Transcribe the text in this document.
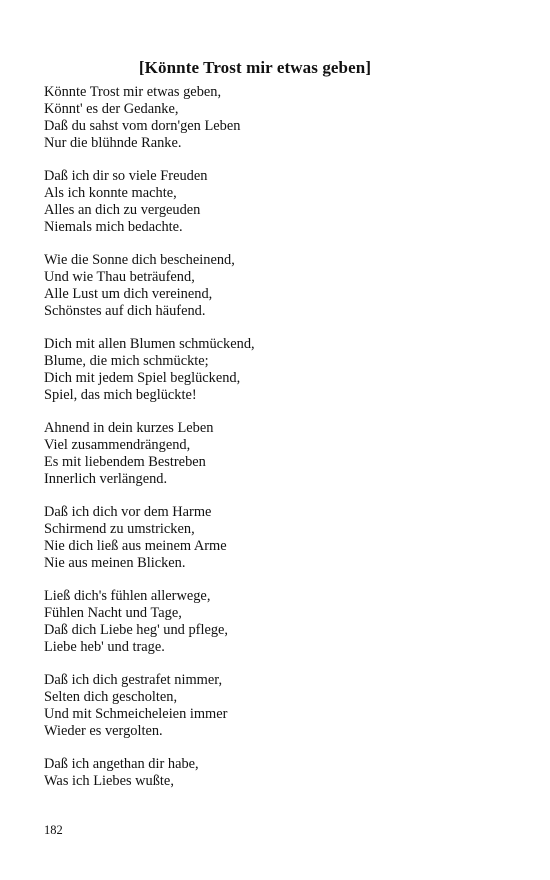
[Könnte Trost mir etwas geben]
Könnte Trost mir etwas geben,
Könnt' es der Gedanke,
Daß du sahst vom dorn'gen Leben
Nur die blühnde Ranke.
Daß ich dir so viele Freuden
Als ich konnte machte,
Alles an dich zu vergeuden
Niemals mich bedachte.
Wie die Sonne dich bescheinend,
Und wie Thau beträufend,
Alle Lust um dich vereinend,
Schönstes auf dich häufend.
Dich mit allen Blumen schmückend,
Blume, die mich schmückte;
Dich mit jedem Spiel beglückend,
Spiel, das mich beglückte!
Ahnend in dein kurzes Leben
Viel zusammendrängend,
Es mit liebendem Bestreben
Innerlich verlängend.
Daß ich dich vor dem Harme
Schirmend zu umstricken,
Nie dich ließ aus meinem Arme
Nie aus meinen Blicken.
Ließ dich's fühlen allerwege,
Fühlen Nacht und Tage,
Daß dich Liebe heg' und pflege,
Liebe heb' und trage.
Daß ich dich gestrafet nimmer,
Selten dich gescholten,
Und mit Schmeicheleien immer
Wieder es vergolten.
Daß ich angethan dir habe,
Was ich Liebes wußte,
182
